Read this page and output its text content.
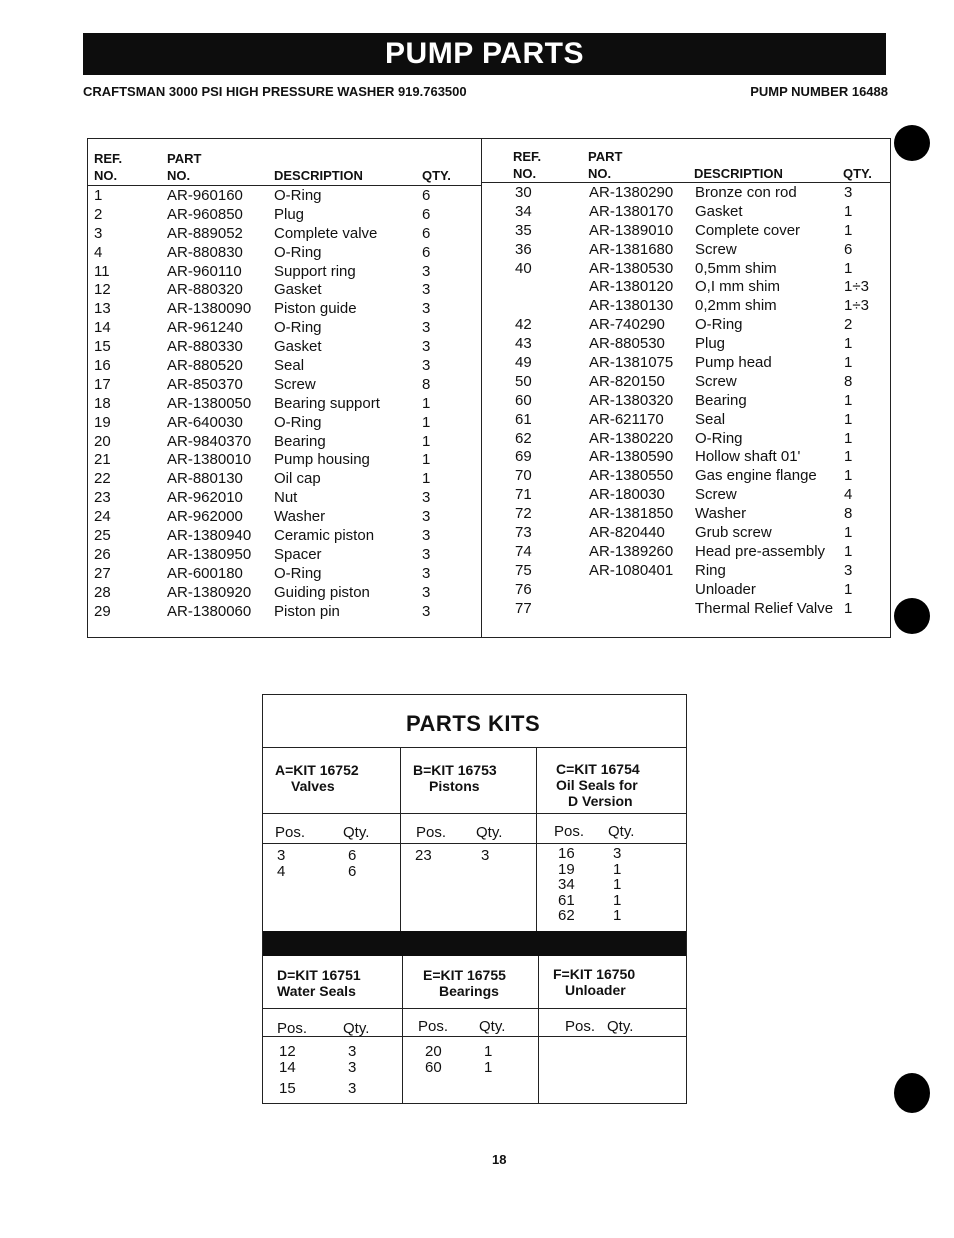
PUMP PARTS
CRAFTSMAN 3000 PSI HIGH PRESSURE WASHER 919.763500	PUMP NUMBER 16488
REF.
NO.
PART
NO.	DESCRIPTION	QTY.
REF.
NO.
PART
NO.	DESCRIPTION	QTY.
1	AR-960160 O-Ring	6
2	AR-960850 Plug	6
3	AR-889052 Complete valve	6
4	AR-880830 O-Ring	6
11	AR-960110 Support ring	3
12	AR-880320 Gasket	3
13	AR-1380090 Piston guide	3
14	AR-961240 O-Ring	3
15	AR-880330 Gasket	3
16	AR-880520 Seal	3
17	AR-850370 Screw	8
18	AR-1380050 Bearing support	1
19	AR-640030 O-Ring	1
20	AR-9840370 Bearing	1
21	AR-1380010 Pump housing	1
22	AR-880130 Oil cap	1
23	AR-962010 Nut	3
24	AR-962000 Washer	3
25	AR-1380940 Ceramic piston	3
26	AR-1380950 Spacer	3
27	AR-600180 O-Ring	3
28	AR-1380920 Guiding piston	3
29	AR-1380060 Piston pin	3
30	AR-1380290 Bronze con rod	3
34	AR-1380170 Gasket	1
35	AR-1389010 Complete cover	1
36	AR-1381680 Screw	6
40	AR-1380530 0,5mm shim	1
AR-1380120 O,I mm shim	1÷3
AR-1380130 0,2mm shim	1÷3
42	AR-740290 O-Ring	2
43	AR-880530 Plug	1
49	AR-1381075 Pump head	1
50	AR-820150 Screw	8
60	AR-1380320 Bearing	1
61	AR-621170 Seal	1
62	AR-1380220 O-Ring	1
69	AR-1380590 Hollow shaft 01'	1
70	AR-1380550 Gas engine flange 1
71	AR-180030 Screw	4
72	AR-1381850 Washer	8
73	AR-820440 Grub screw	1
74	AR-1389260 Head pre-assembly 1
75	AR-1080401 Ring	3
76	Unloader	1
77	Thermal Relief Valve 1
PARTS KITS
A=KIT 16752
Valves
Pos.	Qty.
3	6
4	6
B=KIT 16753
Pistons
Pos. Qty.
23	3
C=KIT 16754
Oil Seals for
D Version
Pos. Qty.
16	3
19	1
34	1
61	1
62	1
D=KIT 16751
Water Seals
Pos. Qty.
12	3
14	3
15	3
E=KIT 16755
Bearings
Pos. Qty.
20	1
60	1
F=KIT 16750
Unloader
Pos. Qty.
18
